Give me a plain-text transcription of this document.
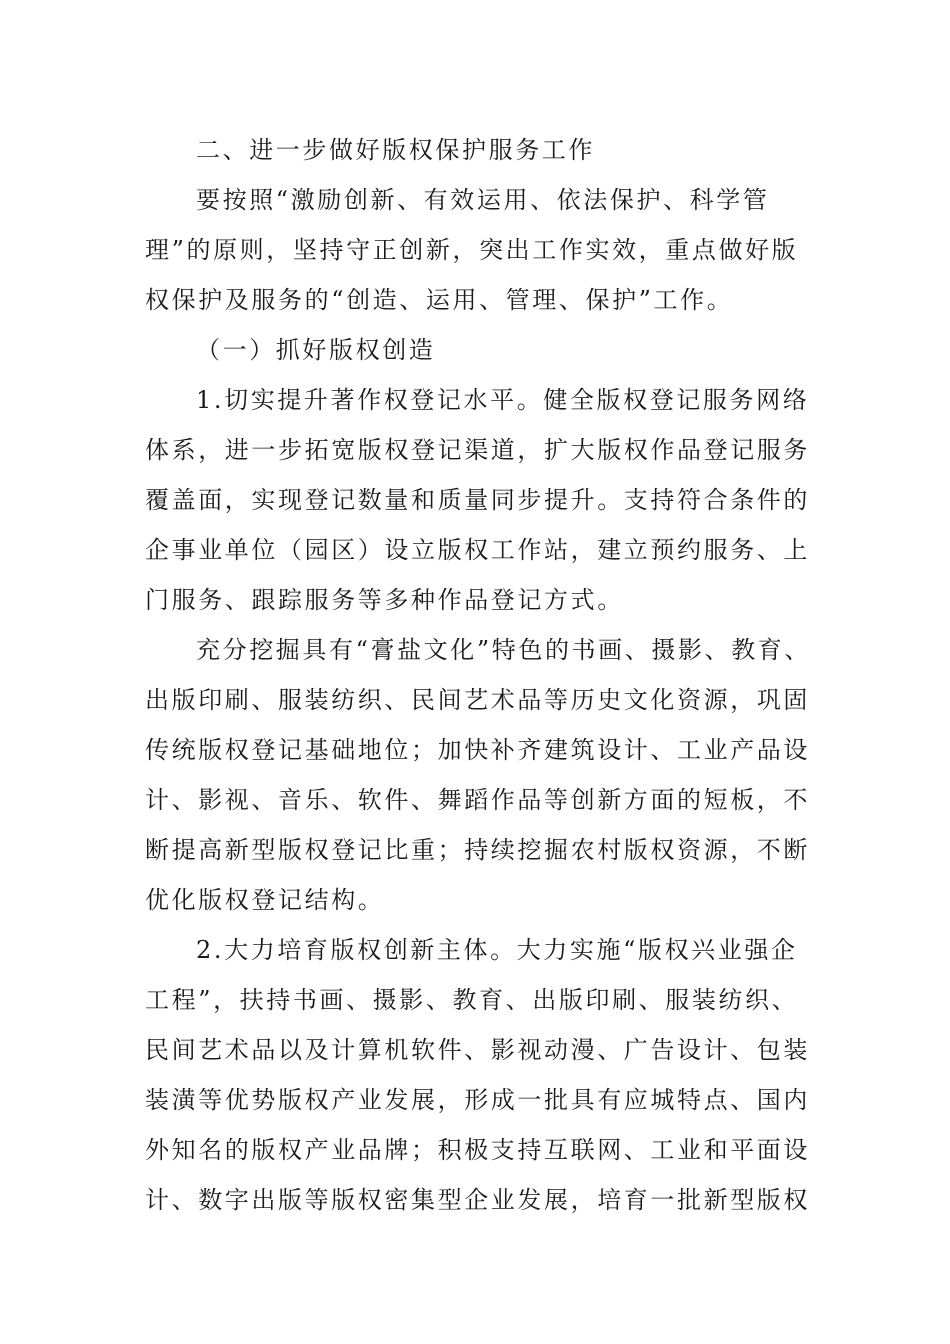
二、进一步做好版权保护服务工作
要按照“激励创新、有效运用、依法保护、科学管
理”的原则，坚持守正创新，突出工作实效，重点做好版
权保护及服务的“创造、运用、管理、保护”工作。
（一）抓好版权创造
1.切实提升著作权登记水平。健全版权登记服务网络
体系，进一步拓宽版权登记渠道，扩大版权作品登记服务
覆盖面，实现登记数量和质量同步提升。支持符合条件的
企事业单位（园区）设立版权工作站，建立预约服务、上
门服务、跟踪服务等多种作品登记方式。
充分挖掘具有“膏盐文化”特色的书画、摄影、教育、
出版印刷、服装纺织、民间艺术品等历史文化资源，巩固
传统版权登记基础地位；加快补齐建筑设计、工业产品设
计、影视、音乐、软件、舞蹈作品等创新方面的短板，不
断提高新型版权登记比重；持续挖掘农村版权资源，不断
优化版权登记结构。
2.大力培育版权创新主体。大力实施“版权兴业强企
工程”，扶持书画、摄影、教育、出版印刷、服装纺织、
民间艺术品以及计算机软件、影视动漫、广告设计、包装
装潢等优势版权产业发展，形成一批具有应城特点、国内
外知名的版权产业品牌；积极支持互联网、工业和平面设
计、数字出版等版权密集型企业发展，培育一批新型版权
